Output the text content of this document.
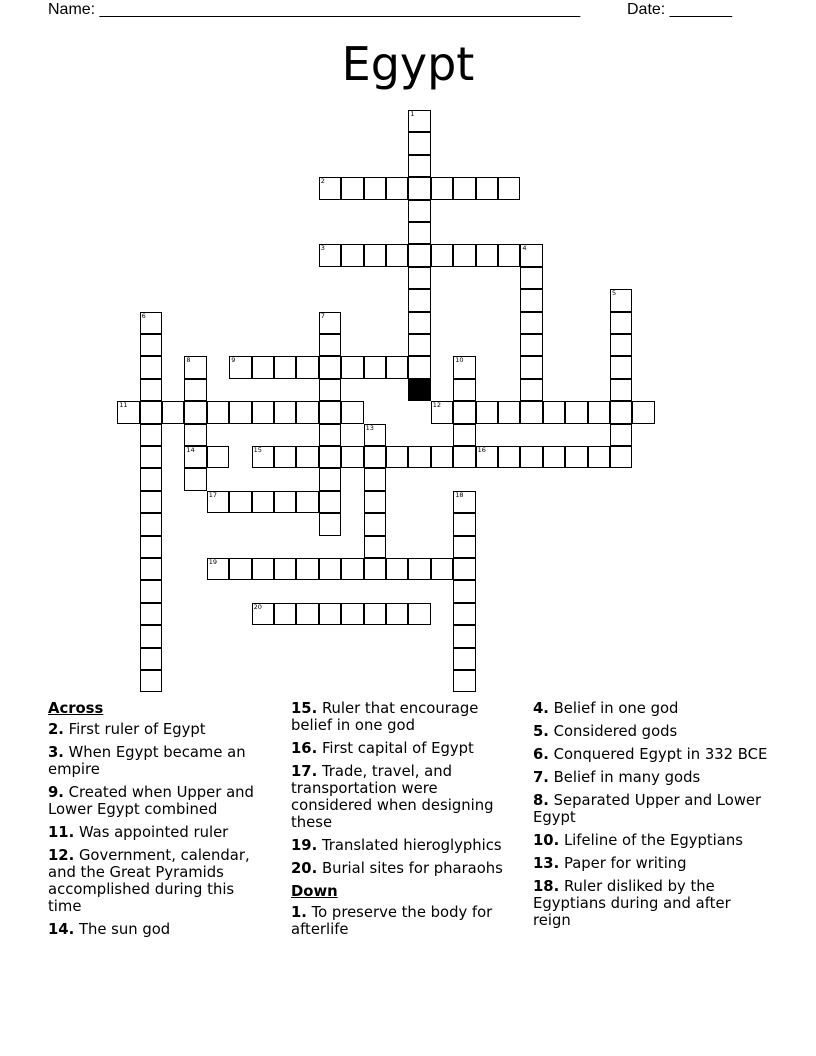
Name: ______________________________________________________	Date: _______
Egypt
1
2
3	4
5
6	7
8	9	10
11	12
13
14	15	16
17	18
19
20
Across
2. First ruler of Egypt
3. When Egypt became an empire
9. Created when Upper and Lower Egypt combined
11. Was appointed ruler
12. Government, calendar, and the Great Pyramids accomplished during this time
14. The sun god
15. Ruler that encourage belief in one god
16. First capital of Egypt
17. Trade, travel, and transportation were considered when designing these
19. Translated hieroglyphics
20. Burial sites for pharaohs
Down
1. To preserve the body for afterlife
4. Belief in one god
5. Considered gods
6. Conquered Egypt in 332 BCE
7. Belief in many gods
8. Separated Upper and Lower Egypt
10. Lifeline of the Egyptians
13. Paper for writing
18. Ruler disliked by the Egyptians during and after reign
